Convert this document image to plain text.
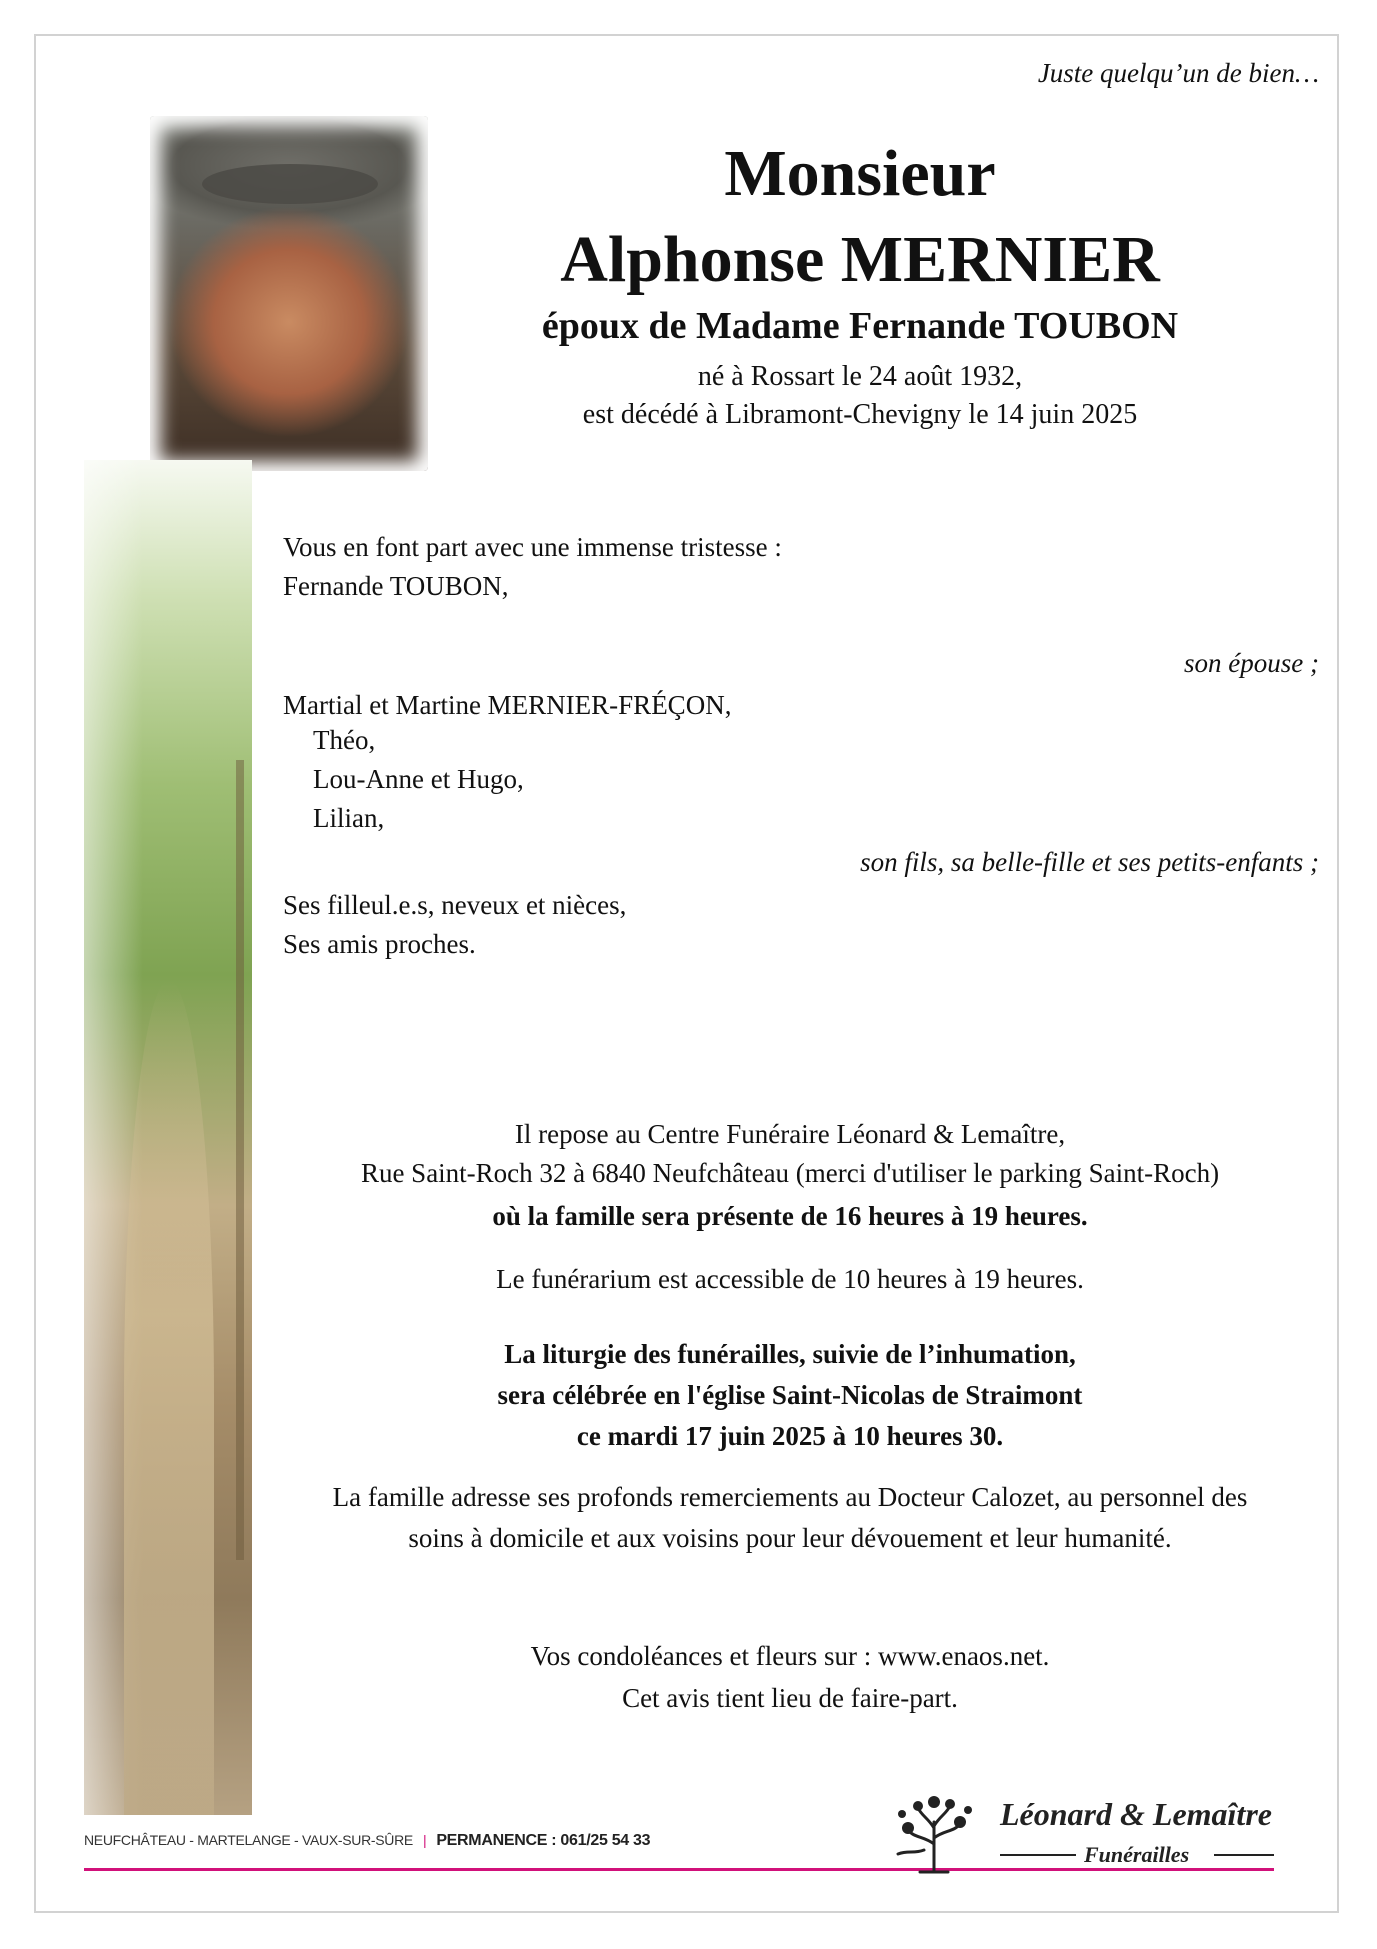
Juste quelqu’un de bien…
Monsieur
Alphonse MERNIER
époux de Madame Fernande TOUBON
né à Rossart le 24 août 1932,
est décédé à Libramont-Chevigny le 14 juin 2025
Vous en font part avec une immense tristesse :
Fernande TOUBON,
son épouse ;
Martial et Martine MERNIER-FRÉÇON,
Théo,
Lou-Anne et Hugo,
Lilian,
son fils, sa belle-fille et ses petits-enfants ;
Ses filleul.e.s, neveux et nièces,
Ses amis proches.
Il repose au Centre Funéraire Léonard & Lemaître,
Rue Saint-Roch 32 à 6840 Neufchâteau (merci d'utiliser le parking Saint-Roch)
où la famille sera présente de 16 heures à 19 heures.
Le funérarium est accessible de 10 heures à 19 heures.
La liturgie des funérailles, suivie de l’inhumation,
sera célébrée en l'église Saint-Nicolas de Straimont
ce mardi 17 juin 2025 à 10 heures 30.
La famille adresse ses profonds remerciements au Docteur Calozet, au personnel des
soins à domicile et aux voisins pour leur dévouement et leur humanité.
Vos condoléances et fleurs sur : www.enaos.net.
Cet avis tient lieu de faire-part.
NEUFCHÂTEAU - MARTELANGE - VAUX-SUR-SÛRE | PERMANENCE : 061/25 54 33
Léonard & Lemaître
Funérailles
